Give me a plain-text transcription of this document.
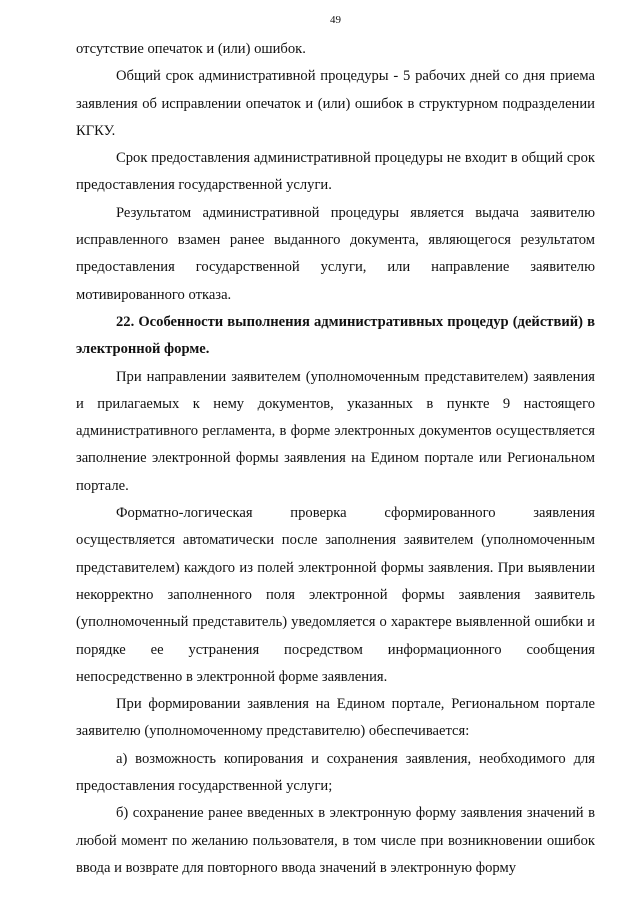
49

отсутствие опечаток и (или) ошибок.

Общий срок административной процедуры - 5 рабочих дней со дня приема заявления об исправлении опечаток и (или) ошибок в структурном подразделении КГКУ.

Срок предоставления административной процедуры не входит в общий срок предоставления государственной услуги.

Результатом административной процедуры является выдача заявителю исправленного взамен ранее выданного документа, являющегося результатом предоставления государственной услуги, или направление заявителю мотивированного отказа.

22. Особенности выполнения административных процедур (действий) в электронной форме.

При направлении заявителем (уполномоченным представителем) заявления и прилагаемых к нему документов, указанных в пункте 9 настоящего административного регламента, в форме электронных документов осуществляется заполнение электронной формы заявления на Едином портале или Региональном портале.

Форматно-логическая проверка сформированного заявления осуществляется автоматически после заполнения заявителем (уполномоченным представителем) каждого из полей электронной формы заявления. При выявлении некорректно заполненного поля электронной формы заявления заявитель (уполномоченный представитель) уведомляется о характере выявленной ошибки и порядке ее устранения посредством информационного сообщения непосредственно в электронной форме заявления.

При формировании заявления на Едином портале, Региональном портале заявителю (уполномоченному представителю) обеспечивается:

а) возможность копирования и сохранения заявления, необходимого для предоставления государственной услуги;

б) сохранение ранее введенных в электронную форму заявления значений в любой момент по желанию пользователя, в том числе при возникновении ошибок ввода и возврате для повторного ввода значений в электронную форму
